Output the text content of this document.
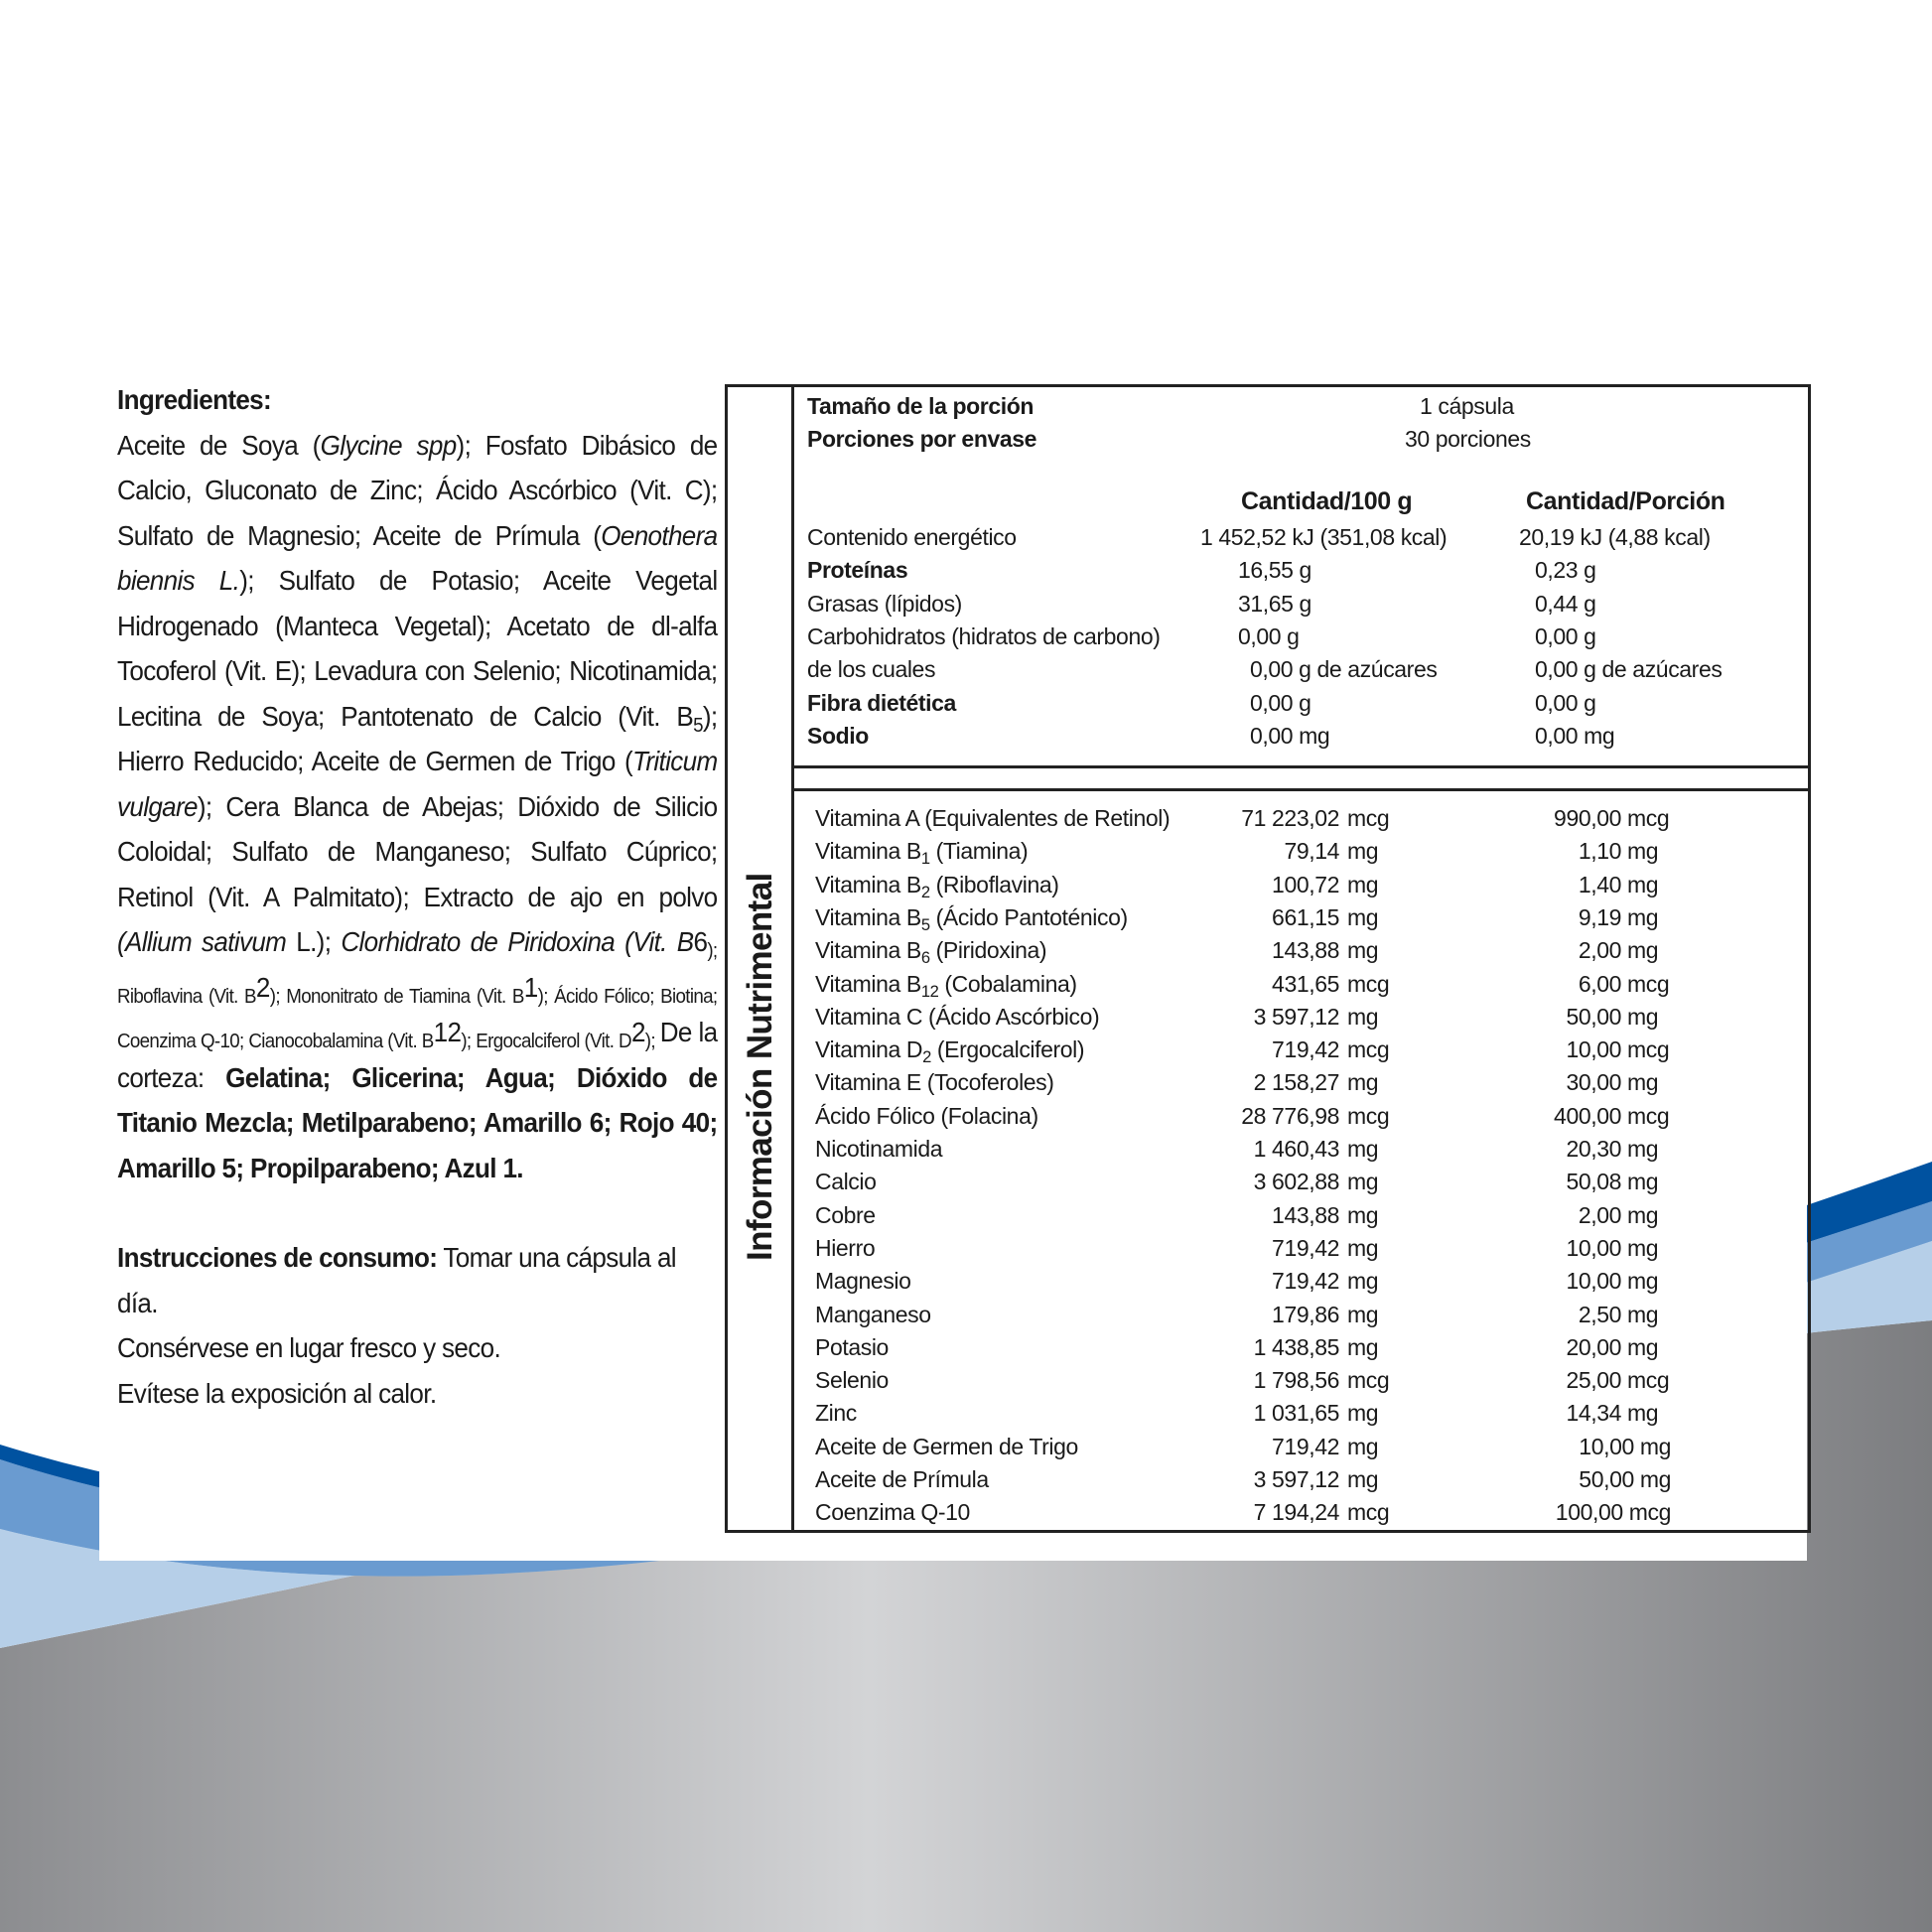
Ingredientes:
Aceite de Soya (Glycine spp); Fosfato Dibásico de Calcio, Gluconato de Zinc; Ácido Ascórbico (Vit. C); Sulfato de Magnesio; Aceite de Prímula (Oenothera biennis L.); Sulfato de Potasio; Aceite Vegetal Hidrogenado (Manteca Vegetal); Acetato de dl-alfa Tocoferol (Vit. E); Levadura con Selenio; Nicotinamida; Lecitina de Soya; Pantotenato de Calcio (Vit. $B_5$); Hierro Reducido; Aceite de Germen de Trigo (Triticum vulgare); Cera Blanca de Abejas; Dióxido de Silicio Coloidal; Sulfato de Manganeso; Sulfato Cúprico; Retinol (Vit. A Palmitato); Extracto de ajo en polvo (Allium sativum L.); Clorhidrato de Piridoxina (Vit. $B6_{); Riboflavina (Vit. B}2_{); Mononitrato de Tiamina (Vit. B}1_{); Ácido Fólico; Biotina; Coenzima Q-10; Cianocobalamina (Vit. B}12_{); Ergocalciferol (Vit. D}2_{);}$ De la corteza: Gelatina; Glicerina; Agua; Dióxido de Titanio Mezcla; Metilparabeno; Amarillo 6; Rojo 40; Amarillo 5; Propilparabeno; Azul 1.
Instrucciones de consumo: Tomar una cápsula al día.
Consérvese en lugar fresco y seco.
Evítese la exposición al calor.
Información Nutrimental
Tamaño de la porción	1 cápsula
Porciones por envase	30 porciones
Cantidad/100 g	Cantidad/Porción
Contenido energético	1 452,52 kJ (351,08 kcal)	20,19 kJ (4,88 kcal)
Proteínas	16,55 g	0,23 g
Grasas (lípidos)	31,65 g	0,44 g
Carbohidratos (hidratos de carbono)	0,00 g	0,00 g
de los cuales	0,00 g de azúcares	0,00 g de azúcares
Fibra dietética	0,00 g	0,00 g
Sodio	0,00 mg	0,00 mg
Vitamina A (Equivalentes de Retinol)	71 223,02 mcg	990,00 mcg
Vitamina $B_1$ (Tiamina)	79,14 mg	1,10 mg
Vitamina $B_2$ (Riboflavina)	100,72 mg	1,40 mg
Vitamina $B_5$ (Ácido Pantoténico)	661,15 mg	9,19 mg
Vitamina $B_6$ (Piridoxina)	143,88 mg	2,00 mg
Vitamina $B_{12}$ (Cobalamina)	431,65 mcg	6,00 mcg
Vitamina C (Ácido Ascórbico)	3 597,12 mg	50,00 mg
Vitamina $D_2$ (Ergocalciferol)	719,42 mcg	10,00 mcg
Vitamina E (Tocoferoles)	2 158,27 mg	30,00 mg
Ácido Fólico (Folacina)	28 776,98 mcg	400,00 mcg
Nicotinamida	1 460,43 mg	20,30 mg
Calcio	3 602,88 mg	50,08 mg
Cobre	143,88 mg	2,00 mg
Hierro	719,42 mg	10,00 mg
Magnesio	719,42 mg	10,00 mg
Manganeso	179,86 mg	2,50 mg
Potasio	1 438,85 mg	20,00 mg
Selenio	1 798,56 mcg	25,00 mcg
Zinc	1 031,65 mg	14,34 mg
Aceite de Germen de Trigo	719,42 mg	10,00 mg
Aceite de Prímula	3 597,12 mg	50,00 mg
Coenzima Q-10	7 194,24 mcg	100,00 mcg
